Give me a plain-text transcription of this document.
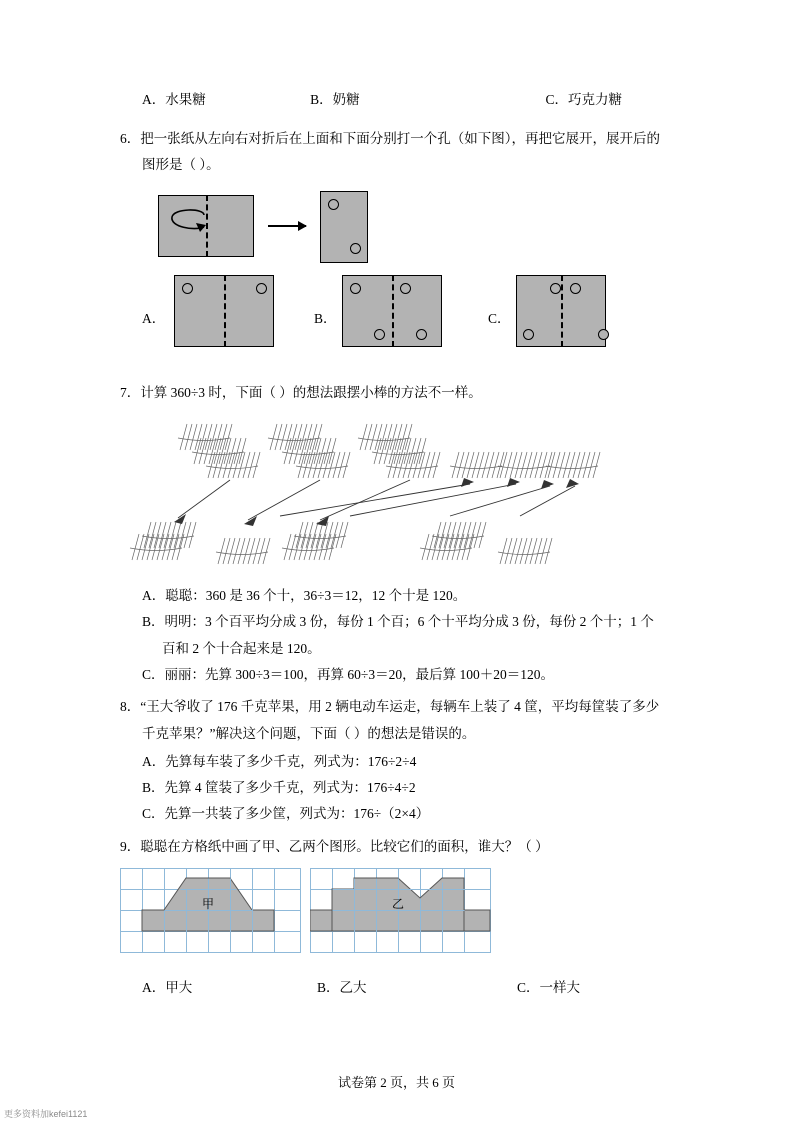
A．水果糖	B．奶糖	C．巧克力糖
6．把一张纸从左向右对折后在上面和下面分别打一个孔（如下图），再把它展开，展开后的
图形是（ ）。
A．	B．	C．
7．计算 360÷3 时，下面（ ）的想法跟摆小棒的方法不一样。
A．聪聪：360 是 36 个十，36÷3＝12，12 个十是 120。
B．明明：3 个百平均分成 3 份，每份 1 个百；6 个十平均分成 3 份，每份 2 个十；1 个
百和 2 个十合起来是 120。
C．丽丽：先算 300÷3＝100，再算 60÷3＝20，最后算 100＋20＝120。
8．“王大爷收了 176 千克苹果，用 2 辆电动车运走，每辆车上装了 4 筐，平均每筐装了多少
千克苹果？”解决这个问题，下面（ ）的想法是错误的。
A．先算每车装了多少千克，列式为：176÷2÷4
B．先算 4 筐装了多少千克，列式为：176÷4÷2
C．先算一共装了多少筐，列式为：176÷（2×4）
9．聪聪在方格纸中画了甲、乙两个图形。比较它们的面积，谁大？（ ）
甲	乙
A．甲大	B．乙大	C．一样大
试卷第 2 页，共 6 页
更多资料加kefei1121
